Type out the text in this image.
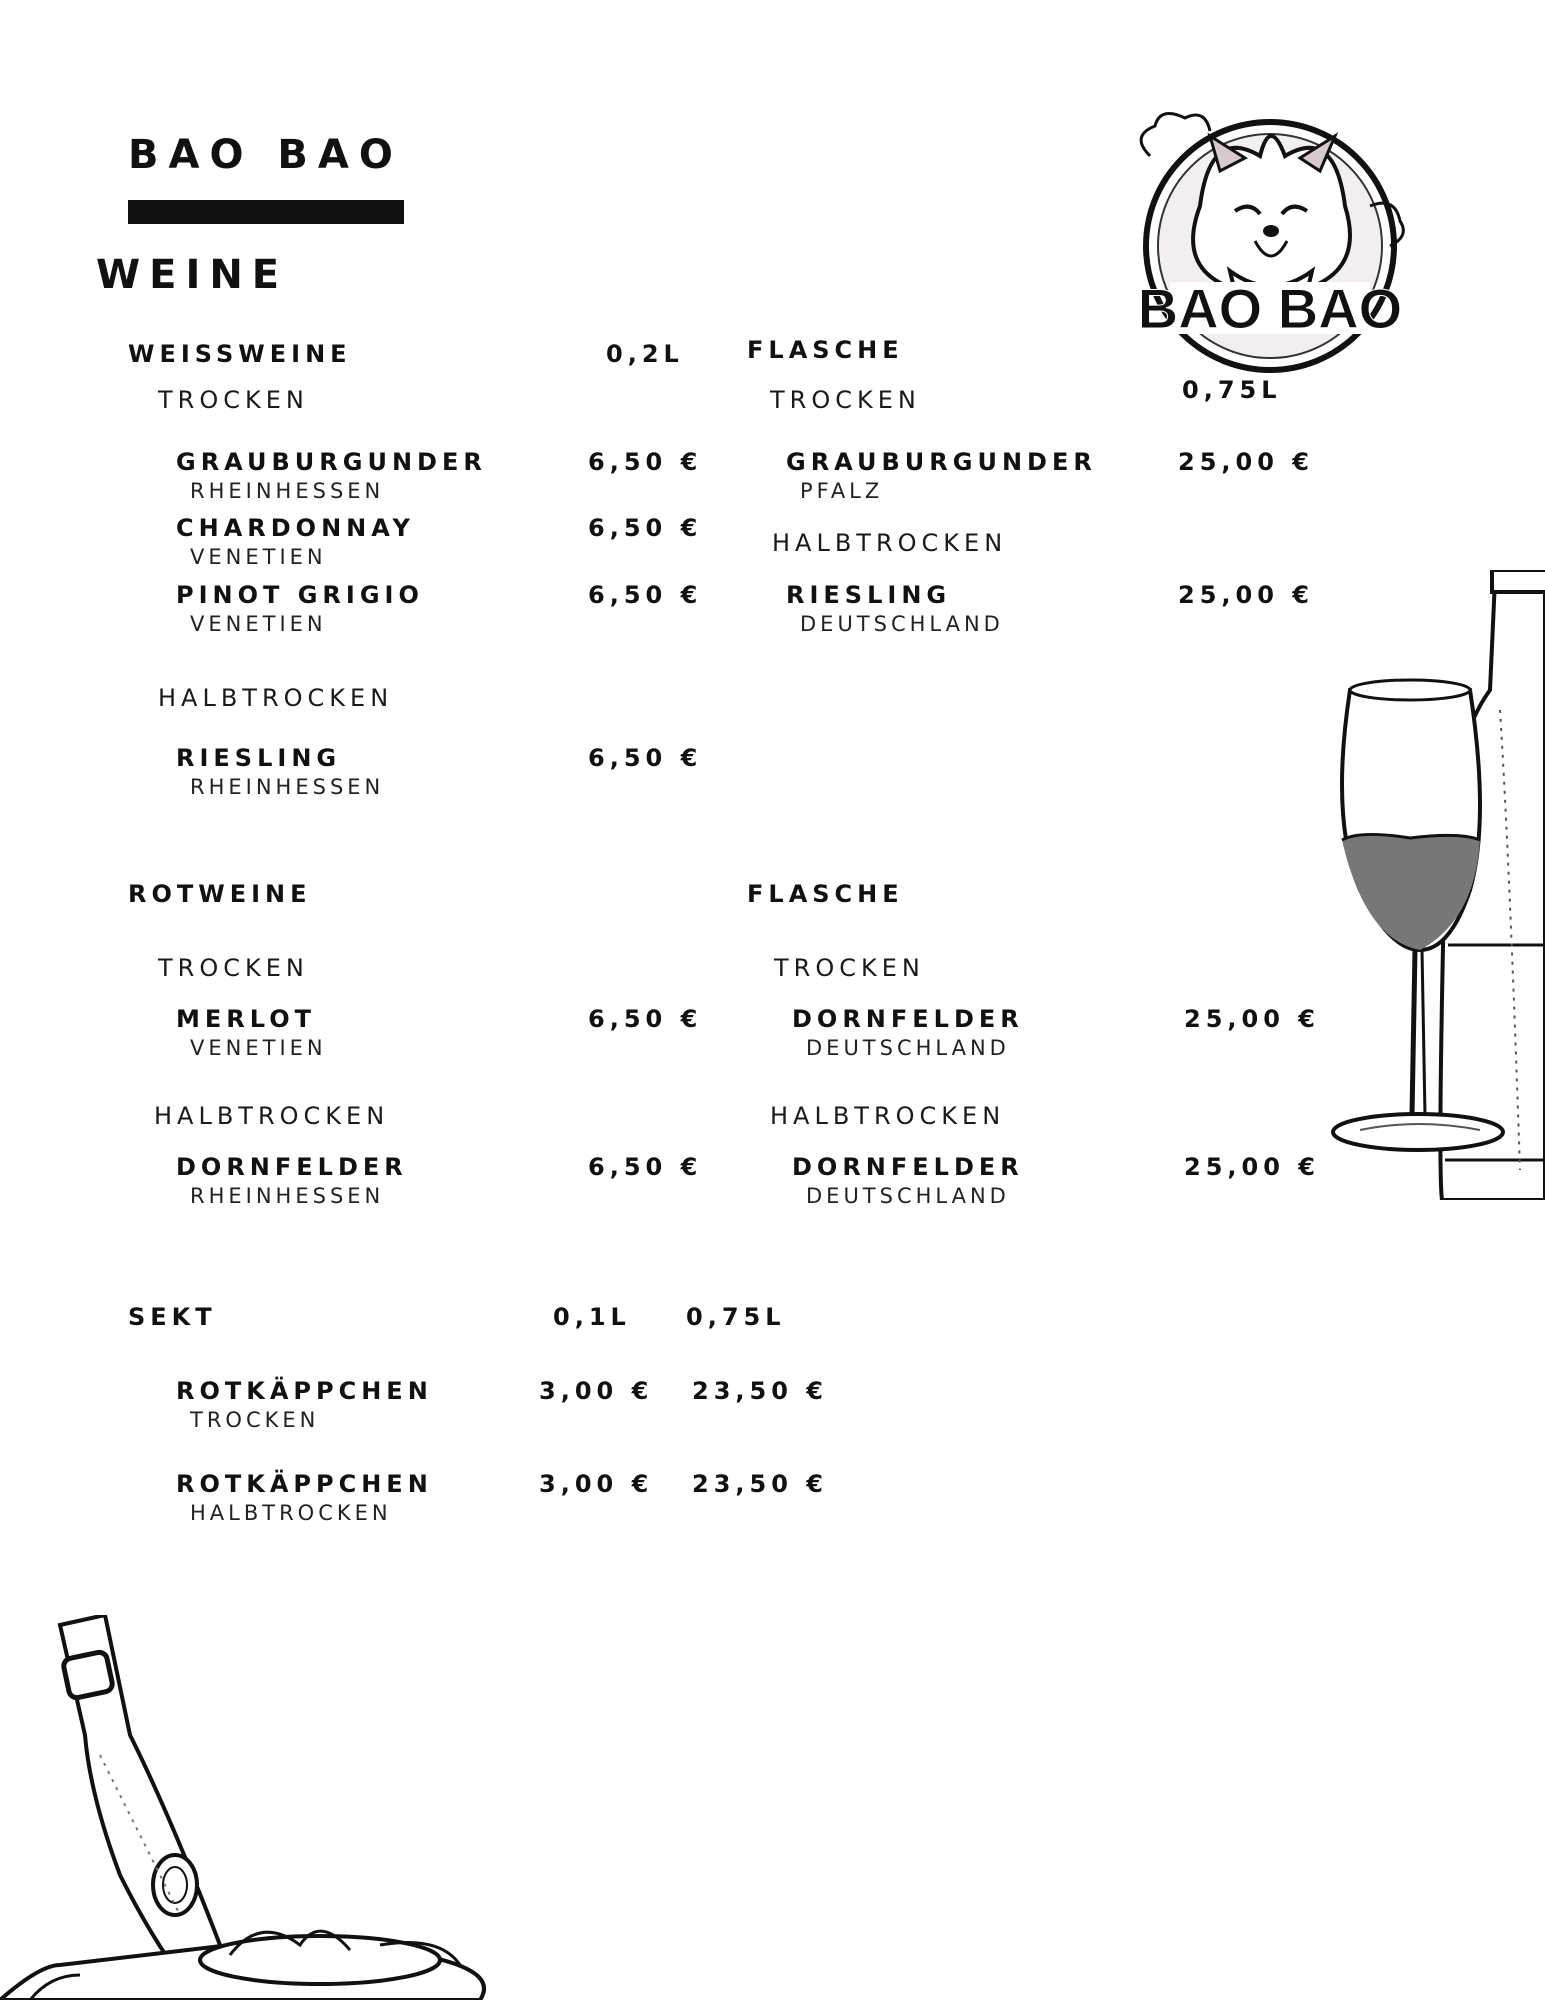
BAO BAO
WEINE
BAO BAO
WEISSWEINE	0,2L
TROCKEN
GRAUBURGUNDER
RHEINHESSEN
6,50 €
CHARDONNAY
VENETIEN
6,50 €
PINOT GRIGIO
VENETIEN
6,50 €
HALBTROCKEN
RIESLING
RHEINHESSEN
6,50 €
FLASCHE
0,75L
TROCKEN
GRAUBURGUNDER
PFALZ
25,00 €
HALBTROCKEN
RIESLING
DEUTSCHLAND
25,00 €
ROTWEINE	FLASCHE
TROCKEN
MERLOT
VENETIEN
6,50 €
HALBTROCKEN
DORNFELDER
RHEINHESSEN
6,50 €
TROCKEN
DORNFELDER
DEUTSCHLAND
25,00 €
HALBTROCKEN
DORNFELDER
DEUTSCHLAND
25,00 €
SEKT	0,1L 0,75L
ROTKÄPPCHEN
TROCKEN
3,00 € 23,50 €
ROTKÄPPCHEN
HALBTROCKEN
3,00 € 23,50 €
